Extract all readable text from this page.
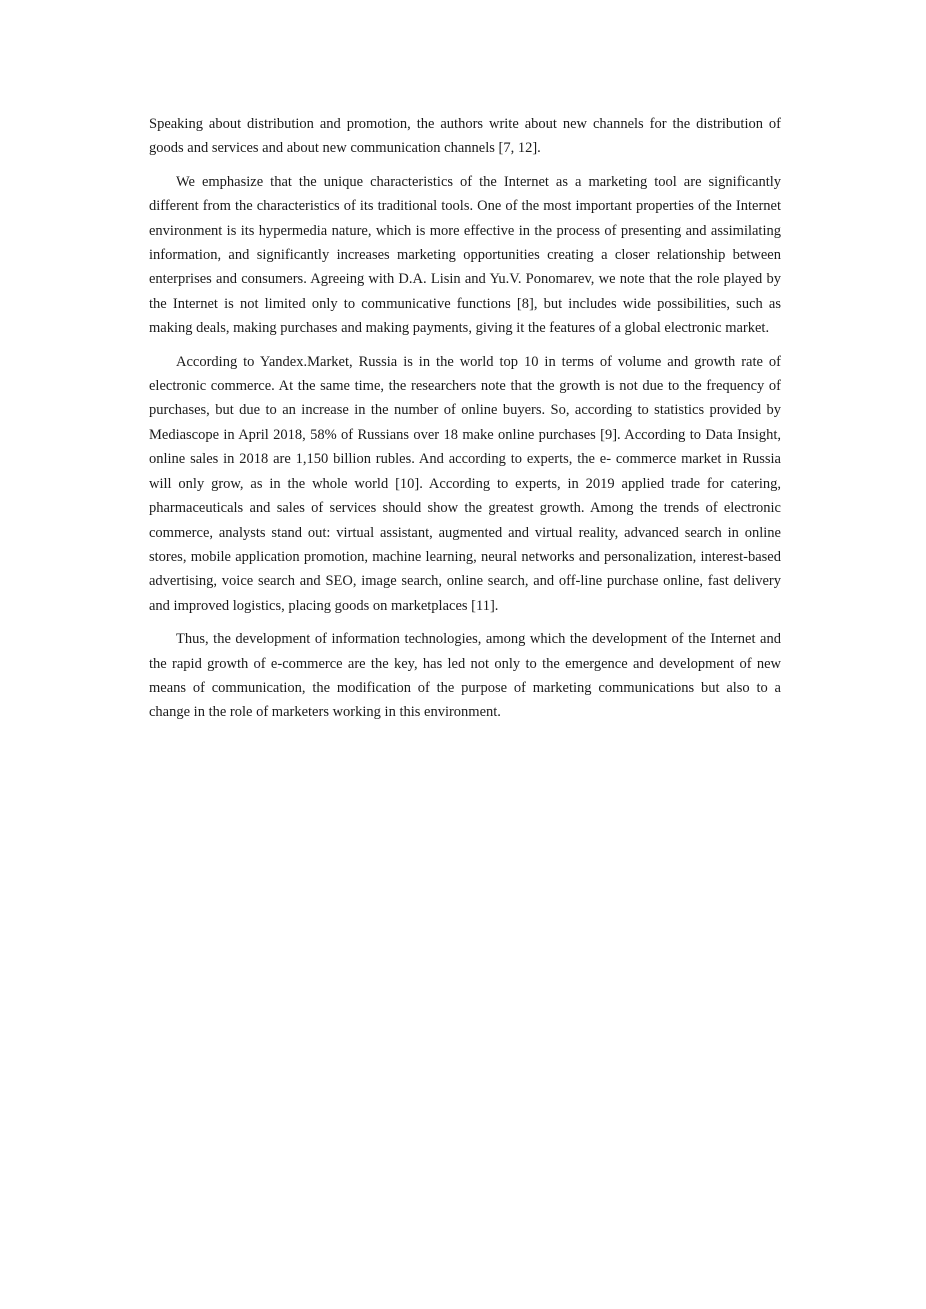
Speaking about distribution and promotion, the authors write about new channels for the distribution of goods and services and about new communication channels [7, 12].

We emphasize that the unique characteristics of the Internet as a marketing tool are significantly different from the characteristics of its traditional tools. One of the most important properties of the Internet environment is its hypermedia nature, which is more effective in the process of presenting and assimilating information, and significantly increases marketing opportunities creating a closer relationship between enterprises and consumers. Agreeing with D.A. Lisin and Yu.V. Ponomarev, we note that the role played by the Internet is not limited only to communicative functions [8], but includes wide possibilities, such as making deals, making purchases and making payments, giving it the features of a global electronic market.

According to Yandex.Market, Russia is in the world top 10 in terms of volume and growth rate of electronic commerce. At the same time, the researchers note that the growth is not due to the frequency of purchases, but due to an increase in the number of online buyers. So, according to statistics provided by Mediascope in April 2018, 58% of Russians over 18 make online purchases [9]. According to Data Insight, online sales in 2018 are 1,150 billion rubles. And according to experts, the e- commerce market in Russia will only grow, as in the whole world [10]. According to experts, in 2019 applied trade for catering, pharmaceuticals and sales of services should show the greatest growth. Among the trends of electronic commerce, analysts stand out: virtual assistant, augmented and virtual reality, advanced search in online stores, mobile application promotion, machine learning, neural networks and personalization, interest-based advertising, voice search and SEO, image search, online search, and off-line purchase online, fast delivery and improved logistics, placing goods on marketplaces [11].

Thus, the development of information technologies, among which the development of the Internet and the rapid growth of e-commerce are the key, has led not only to the emergence and development of new means of communication, the modification of the purpose of marketing communications but also to a change in the role of marketers working in this environment.
